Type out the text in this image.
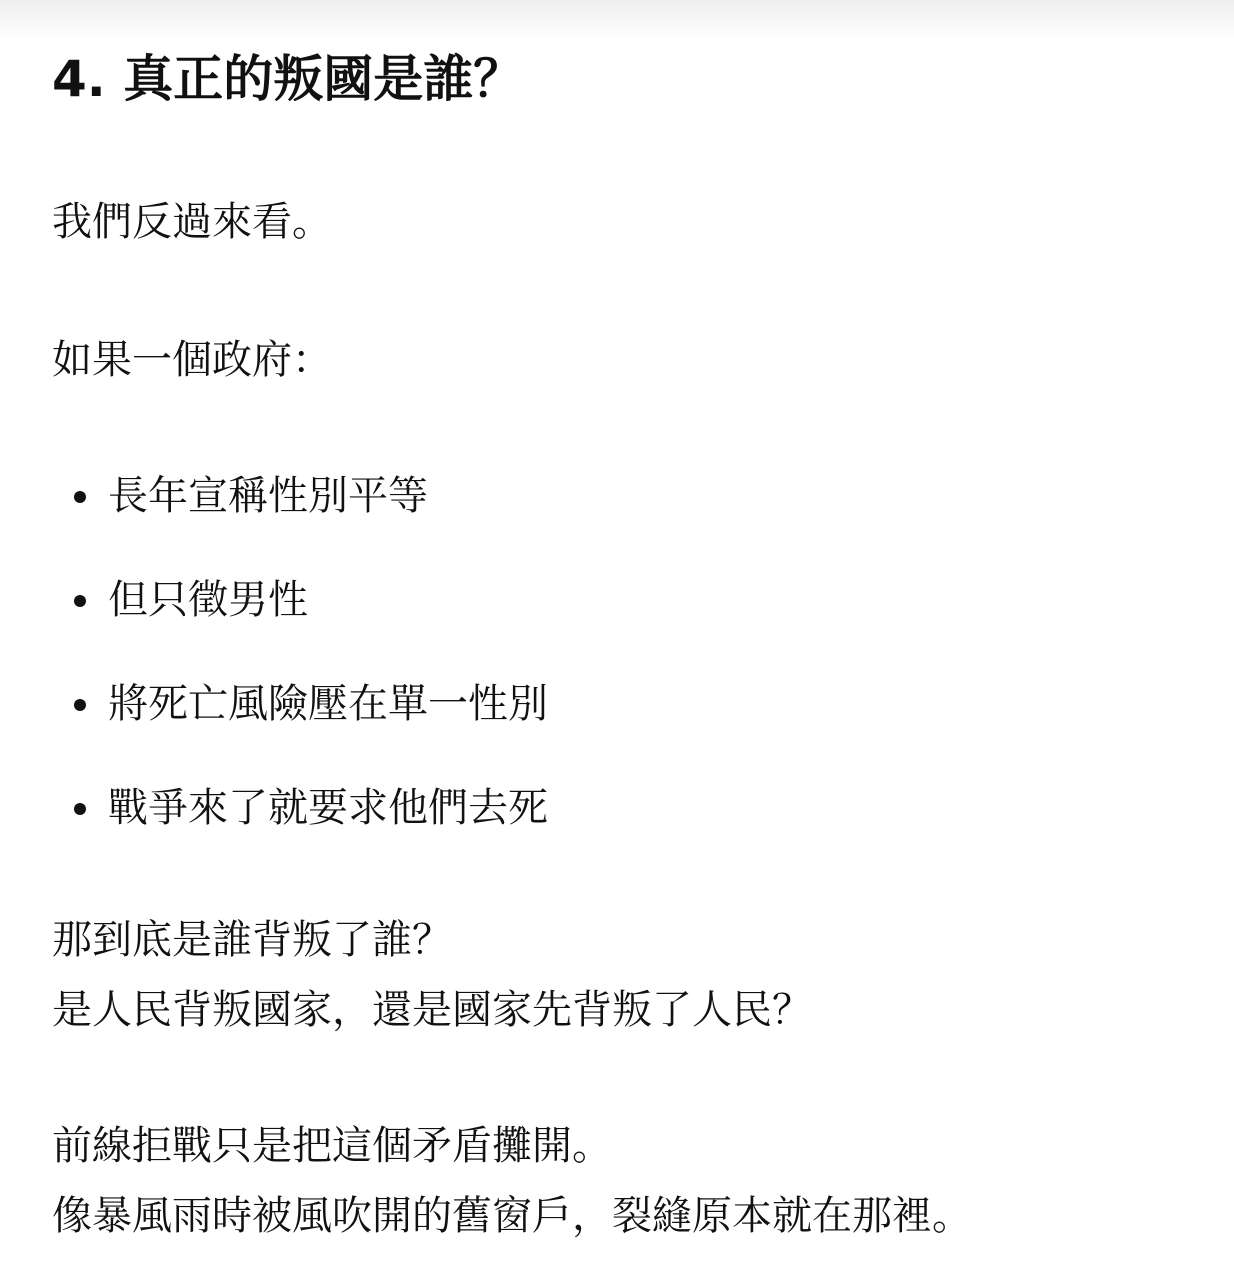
4. 真正的叛國是誰？

我們反過來看。

如果一個政府：

長年宣稱性別平等
但只徵男性
將死亡風險壓在單一性別
戰爭來了就要求他們去死

那到底是誰背叛了誰？

是人民背叛國家，還是國家先背叛了人民？

前線拒戰只是把這個矛盾攤開。

像暴風雨時被風吹開的舊窗戶，裂縫原本就在那裡。
